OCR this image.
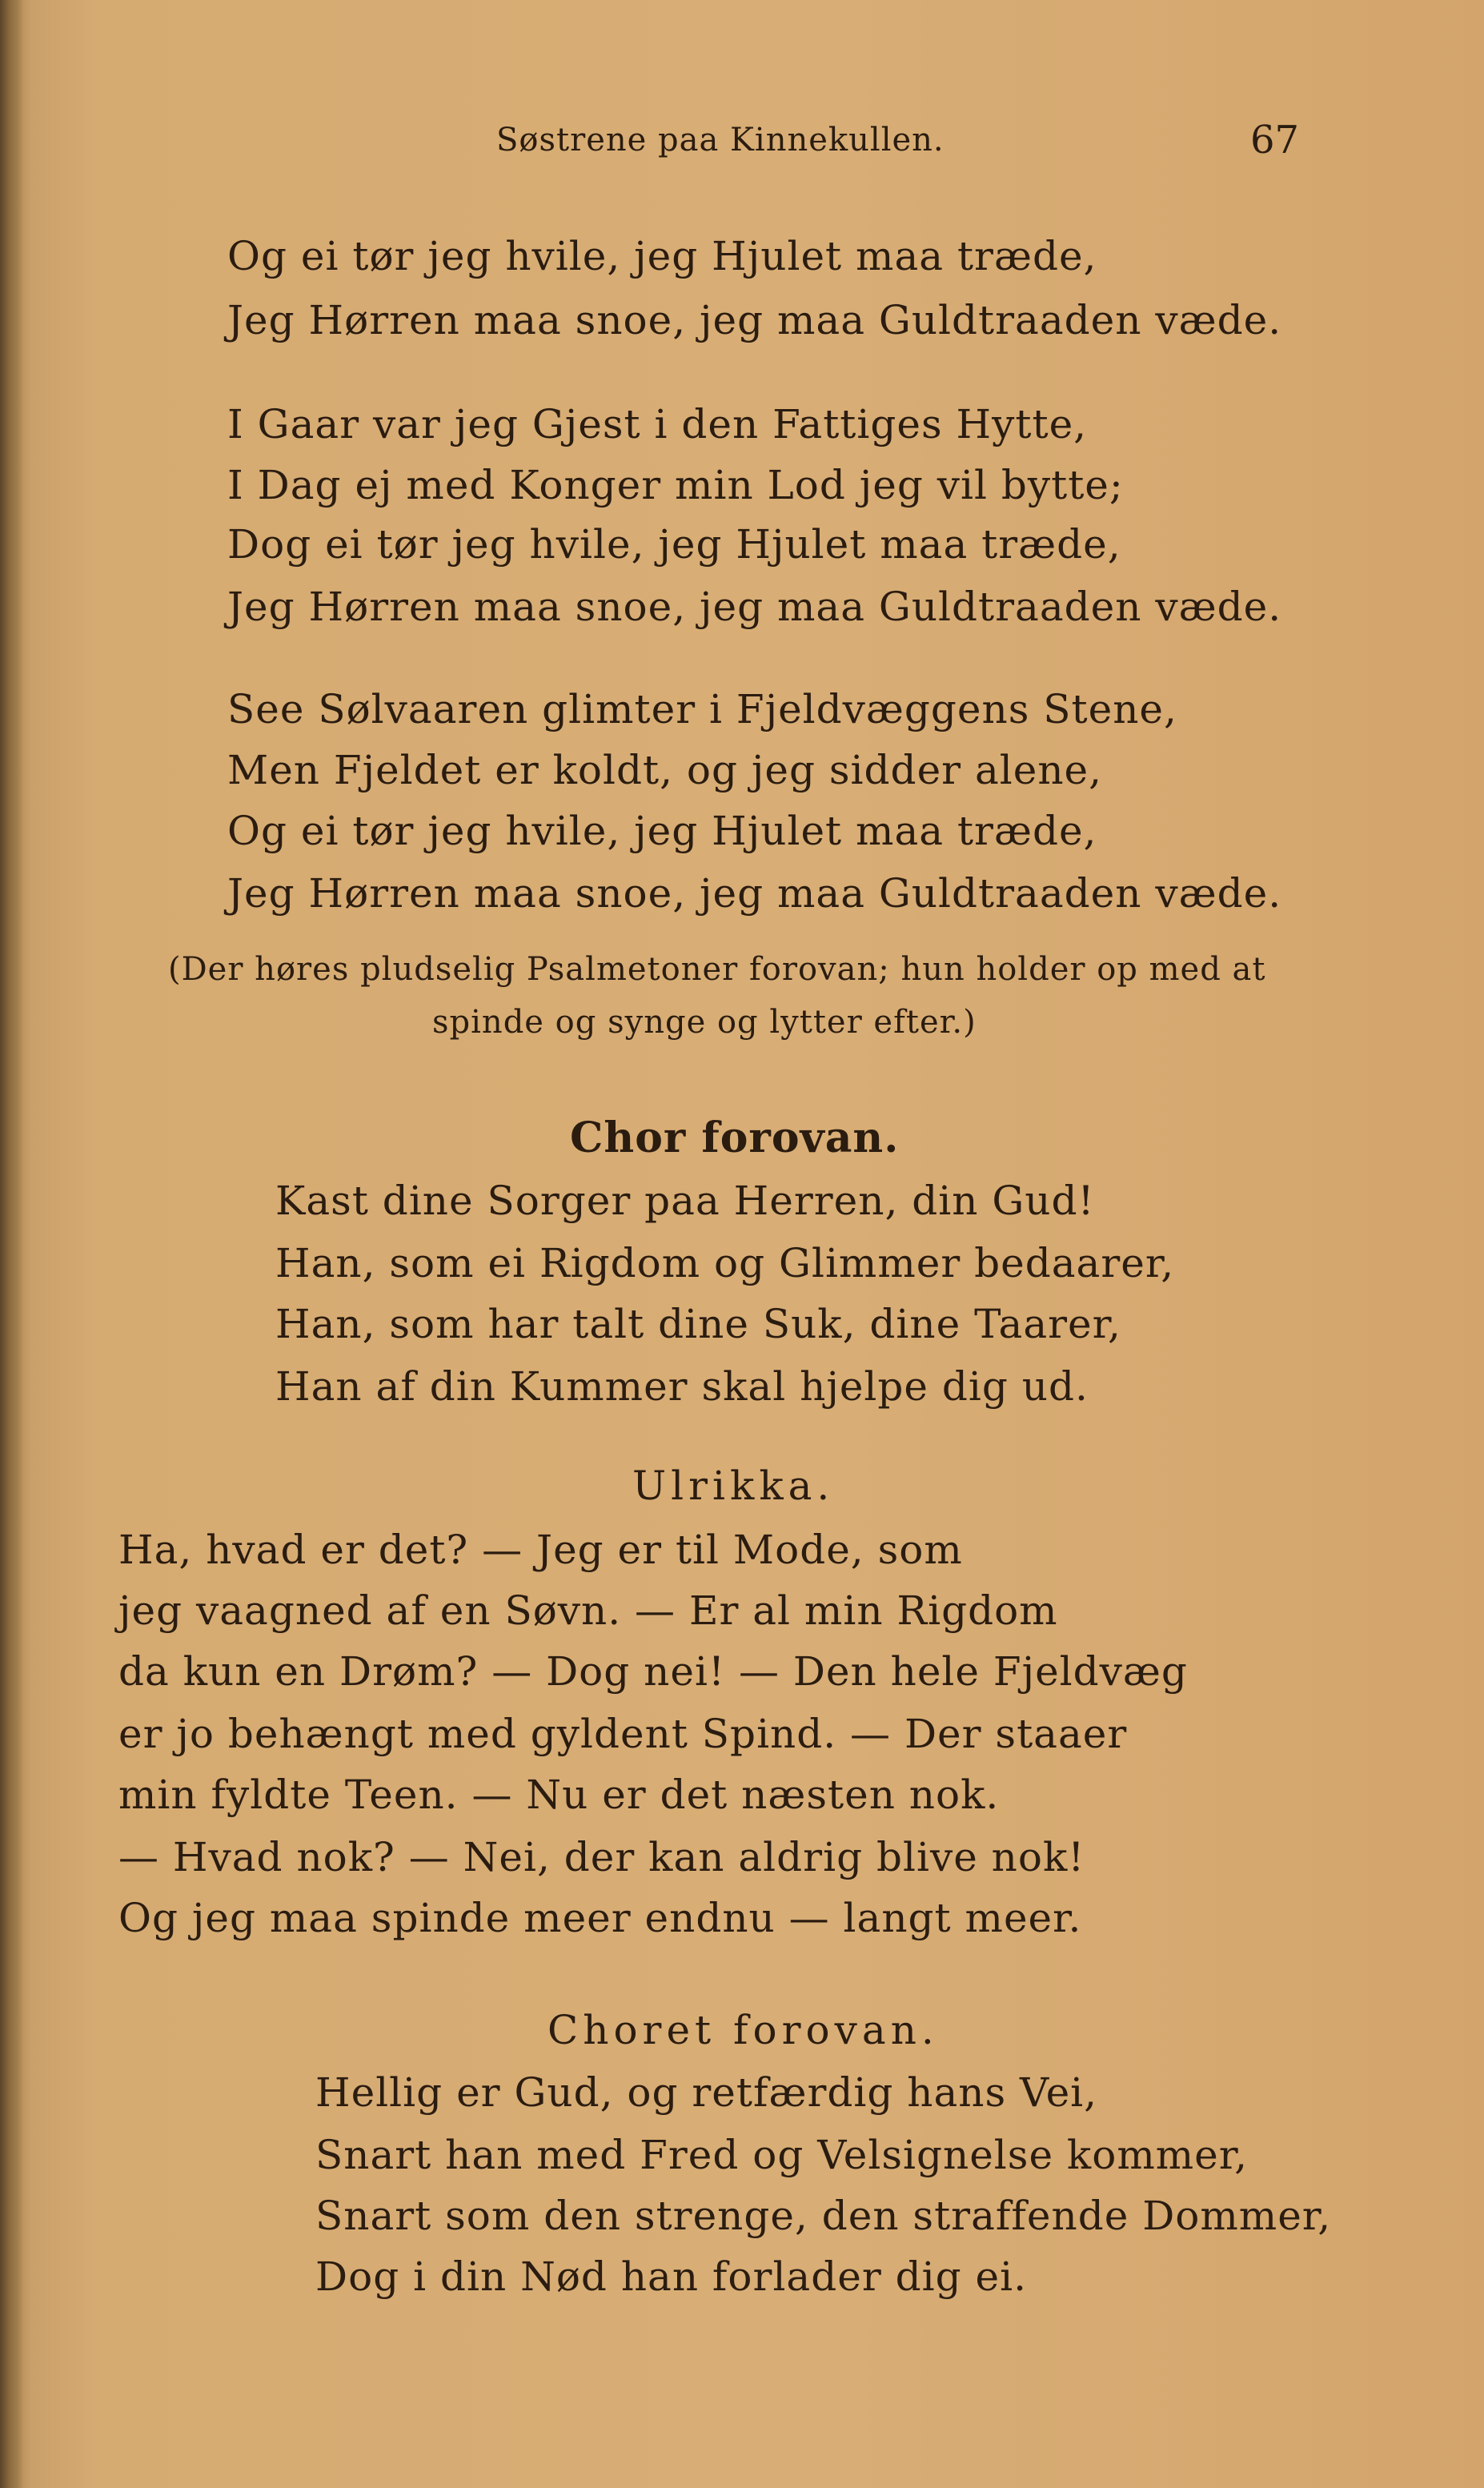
Søstrene paa Kinnekullen.	67
Og ei tør jeg hvile, jeg Hjulet maa træde,
Jeg Hørren maa snoe, jeg maa Guldtraaden væde.
I Gaar var jeg Gjest i den Fattiges Hytte,
I Dag ej med Konger min Lod jeg vil bytte;
Dog ei tør jeg hvile, jeg Hjulet maa træde,
Jeg Hørren maa snoe, jeg maa Guldtraaden væde.
See Sølvaaren glimter i Fjeldvæggens Stene,
Men Fjeldet er koldt, og jeg sidder alene,
Og ei tør jeg hvile, jeg Hjulet maa træde,
Jeg Hørren maa snoe, jeg maa Guldtraaden væde.
(Der høres pludselig Psalmetoner forovan; hun holder op med at
spinde og synge og lytter efter.)
Chor forovan.
Kast dine Sorger paa Herren, din Gud!
Han, som ei Rigdom og Glimmer bedaarer,
Han, som har talt dine Suk, dine Taarer,
Han af din Kummer skal hjelpe dig ud.
Ulrikka.
Ha, hvad er det? — Jeg er til Mode, som
jeg vaagned af en Søvn. — Er al min Rigdom
da kun en Drøm? — Dog nei! — Den hele Fjeldvæg
er jo behængt med gyldent Spind. — Der staaer
min fyldte Teen. — Nu er det næsten nok.
— Hvad nok? — Nei, der kan aldrig blive nok!
Og jeg maa spinde meer endnu — langt meer.
Choret forovan.
Hellig er Gud, og retfærdig hans Vei,
Snart han med Fred og Velsignelse kommer,
Snart som den strenge, den straffende Dommer,
Dog i din Nød han forlader dig ei.
